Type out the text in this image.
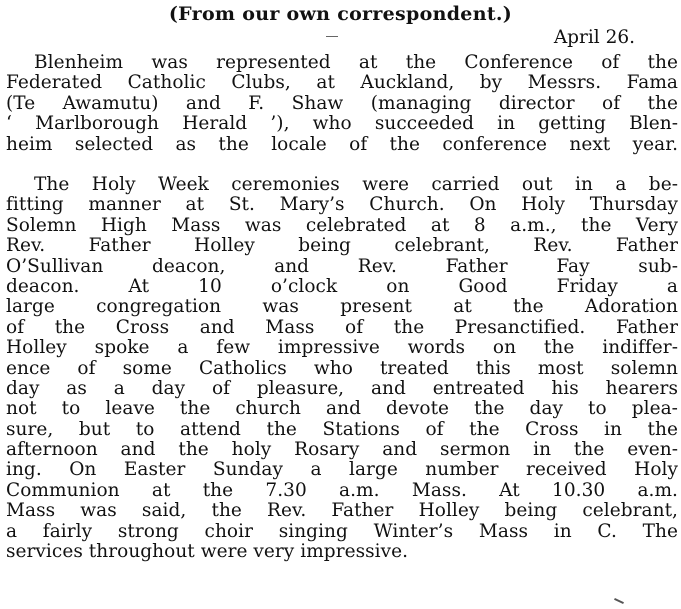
(From our own correspondent.)
April 26.
Blenheim was represented at the Conference of the
Federated Catholic Clubs, at Auckland, by Messrs. Fama
(Te Awamutu) and F. Shaw (managing director of the
‘ Marlborough Herald ’), who succeeded in getting Blen-
heim selected as the locale of the conference next year.
The Holy Week ceremonies were carried out in a be-
fitting manner at St. Mary’s Church. On Holy Thursday
Solemn High Mass was celebrated at 8 a.m., the Very
Rev. Father Holley being celebrant, Rev. Father
O’Sullivan deacon, and Rev. Father Fay sub-
deacon. At 10 o’clock on Good Friday a
large congregation was present at the Adoration
of the Cross and Mass of the Presanctified. Father
Holley spoke a few impressive words on the indiffer-
ence of some Catholics who treated this most solemn
day as a day of pleasure, and entreated his hearers
not to leave the church and devote the day to plea-
sure, but to attend the Stations of the Cross in the
afternoon and the holy Rosary and sermon in the even-
ing. On Easter Sunday a large number received Holy
Communion at the 7.30 a.m. Mass. At 10.30 a.m.
Mass was said, the Rev. Father Holley being celebrant,
a fairly strong choir singing Winter’s Mass in C. The
services throughout were very impressive.
